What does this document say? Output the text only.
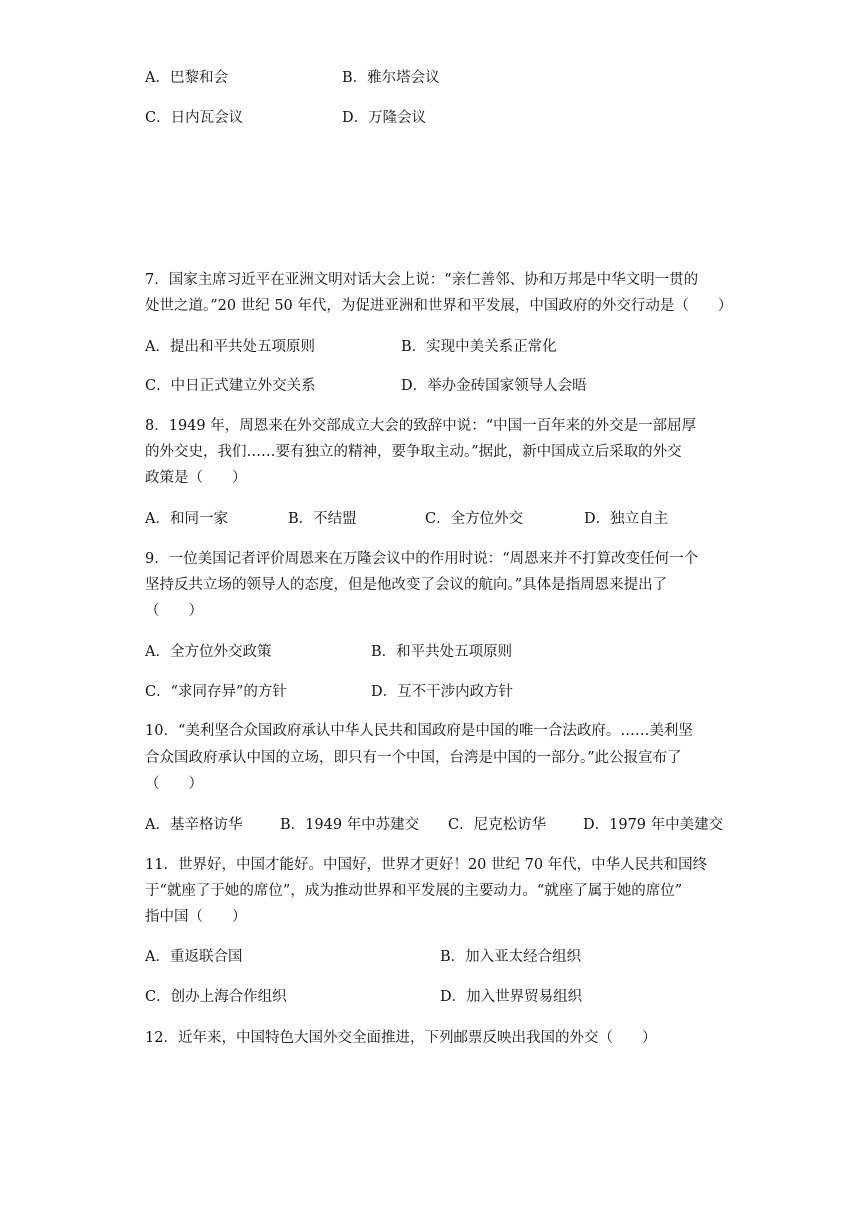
A．巴黎和会	B．雅尔塔会议
C．日内瓦会议	D．万隆会议
7．国家主席习近平在亚洲文明对话大会上说：“亲仁善邻、协和万邦是中华文明一贯的
处世之道。”20 世纪 50 年代，为促进亚洲和世界和平发展，中国政府的外交行动是（　　）
A．提出和平共处五项原则	B．实现中美关系正常化
C．中日正式建立外交关系	D．举办金砖国家领导人会晤
8．1949 年，周恩来在外交部成立大会的致辞中说：“中国一百年来的外交是一部屈厚
的外交史，我们……要有独立的精神，要争取主动。”据此，新中国成立后采取的外交
政策是（　　）
A．和同一家	B．不结盟	C．全方位外交	D．独立自主
9．一位美国记者评价周恩来在万隆会议中的作用时说：“周恩来并不打算改变任何一个
坚持反共立场的领导人的态度，但是他改变了会议的航向。”具体是指周恩来提出了
（　　）
A．全方位外交政策	B．和平共处五项原则
C．“求同存异”的方针	D．互不干涉内政方针
10．“美利坚合众国政府承认中华人民共和国政府是中国的唯一合法政府。……美利坚
合众国政府承认中国的立场，即只有一个中国，台湾是中国的一部分。”此公报宣布了
（　　）
A．基辛格访华	B．1949 年中苏建交 C．尼克松访华	D．1979 年中美建交
11．世界好，中国才能好。中国好，世界才更好！20 世纪 70 年代，中华人民共和国终
于“就座了于她的席位”，成为推动世界和平发展的主要动力。“就座了属于她的席位”
指中国（　　）
A．重返联合国	B．加入亚太经合组织
C．创办上海合作组织	D．加入世界贸易组织
12．近年来，中国特色大国外交全面推进，下列邮票反映出我国的外交（　　）
